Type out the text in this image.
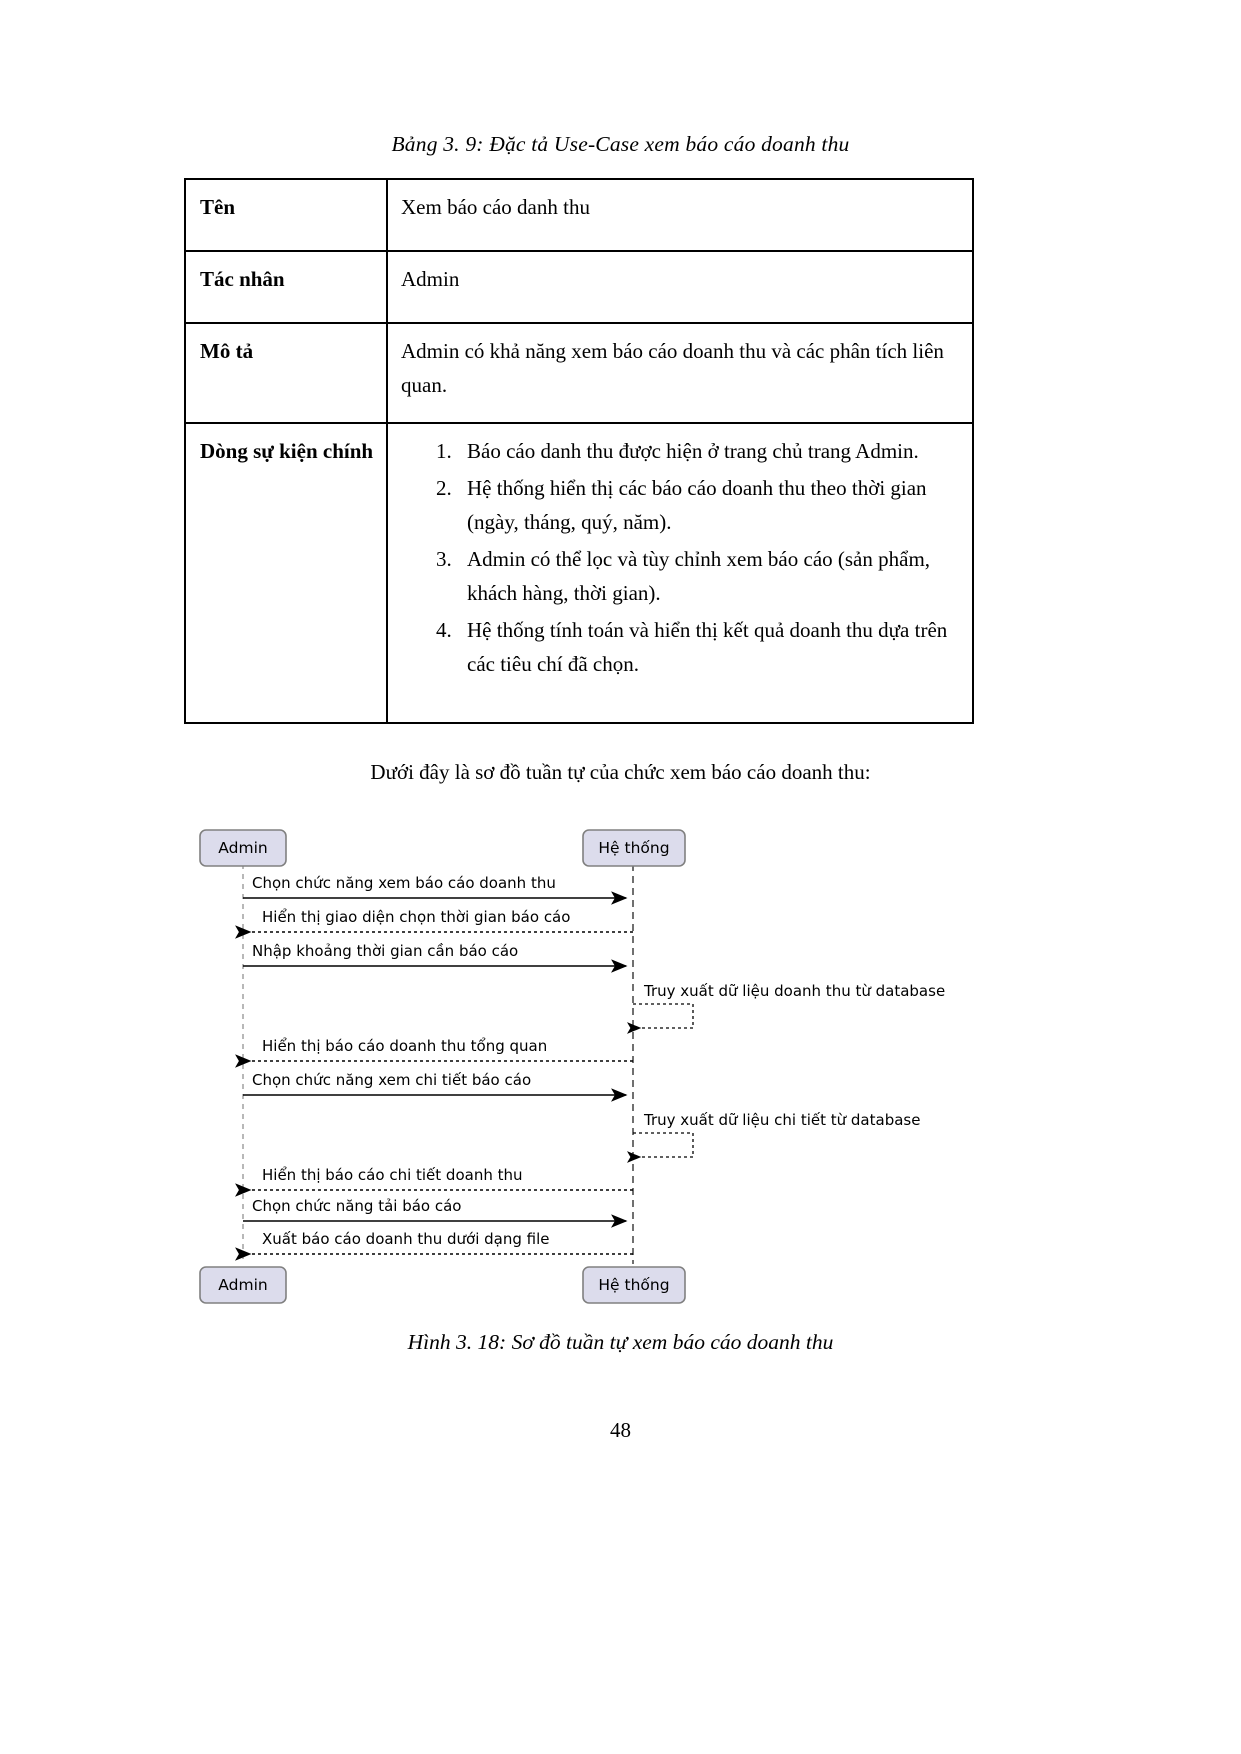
Bảng 3. 9: Đặc tả Use-Case xem báo cáo doanh thu
Tên	Xem báo cáo danh thu
Tác nhân	Admin
Mô tả	Admin có khả năng xem báo cáo doanh thu và các phân tích liên quan.
Dòng sự kiện chính	
1.Báo cáo danh thu được hiện ở trang chủ trang Admin.
2. Hệ thống hiển thị các báo cáo doanh thu theo thời gian (ngày, tháng, quý, năm).
3. Admin có thể lọc và tùy chỉnh xem báo cáo (sản phẩm, khách hàng, thời gian).
4. Hệ thống tính toán và hiển thị kết quả doanh thu dựa trên các tiêu chí đã chọn.
Dưới đây là sơ đồ tuần tự của chức xem báo cáo doanh thu:
Admin	Hệ thống
Chọn chức năng xem báo cáo doanh thu
Hiển thị giao diện chọn thời gian báo cáo
Nhập khoảng thời gian cần báo cáo
Truy xuất dữ liệu doanh thu từ database
Hiển thị báo cáo doanh thu tổng quan
Chọn chức năng xem chi tiết báo cáo
Truy xuất dữ liệu chi tiết từ database
Hiển thị báo cáo chi tiết doanh thu
Chọn chức năng tải báo cáo
Xuất báo cáo doanh thu dưới dạng file
Admin	Hệ thống
Hình 3. 18: Sơ đồ tuần tự xem báo cáo doanh thu
48
